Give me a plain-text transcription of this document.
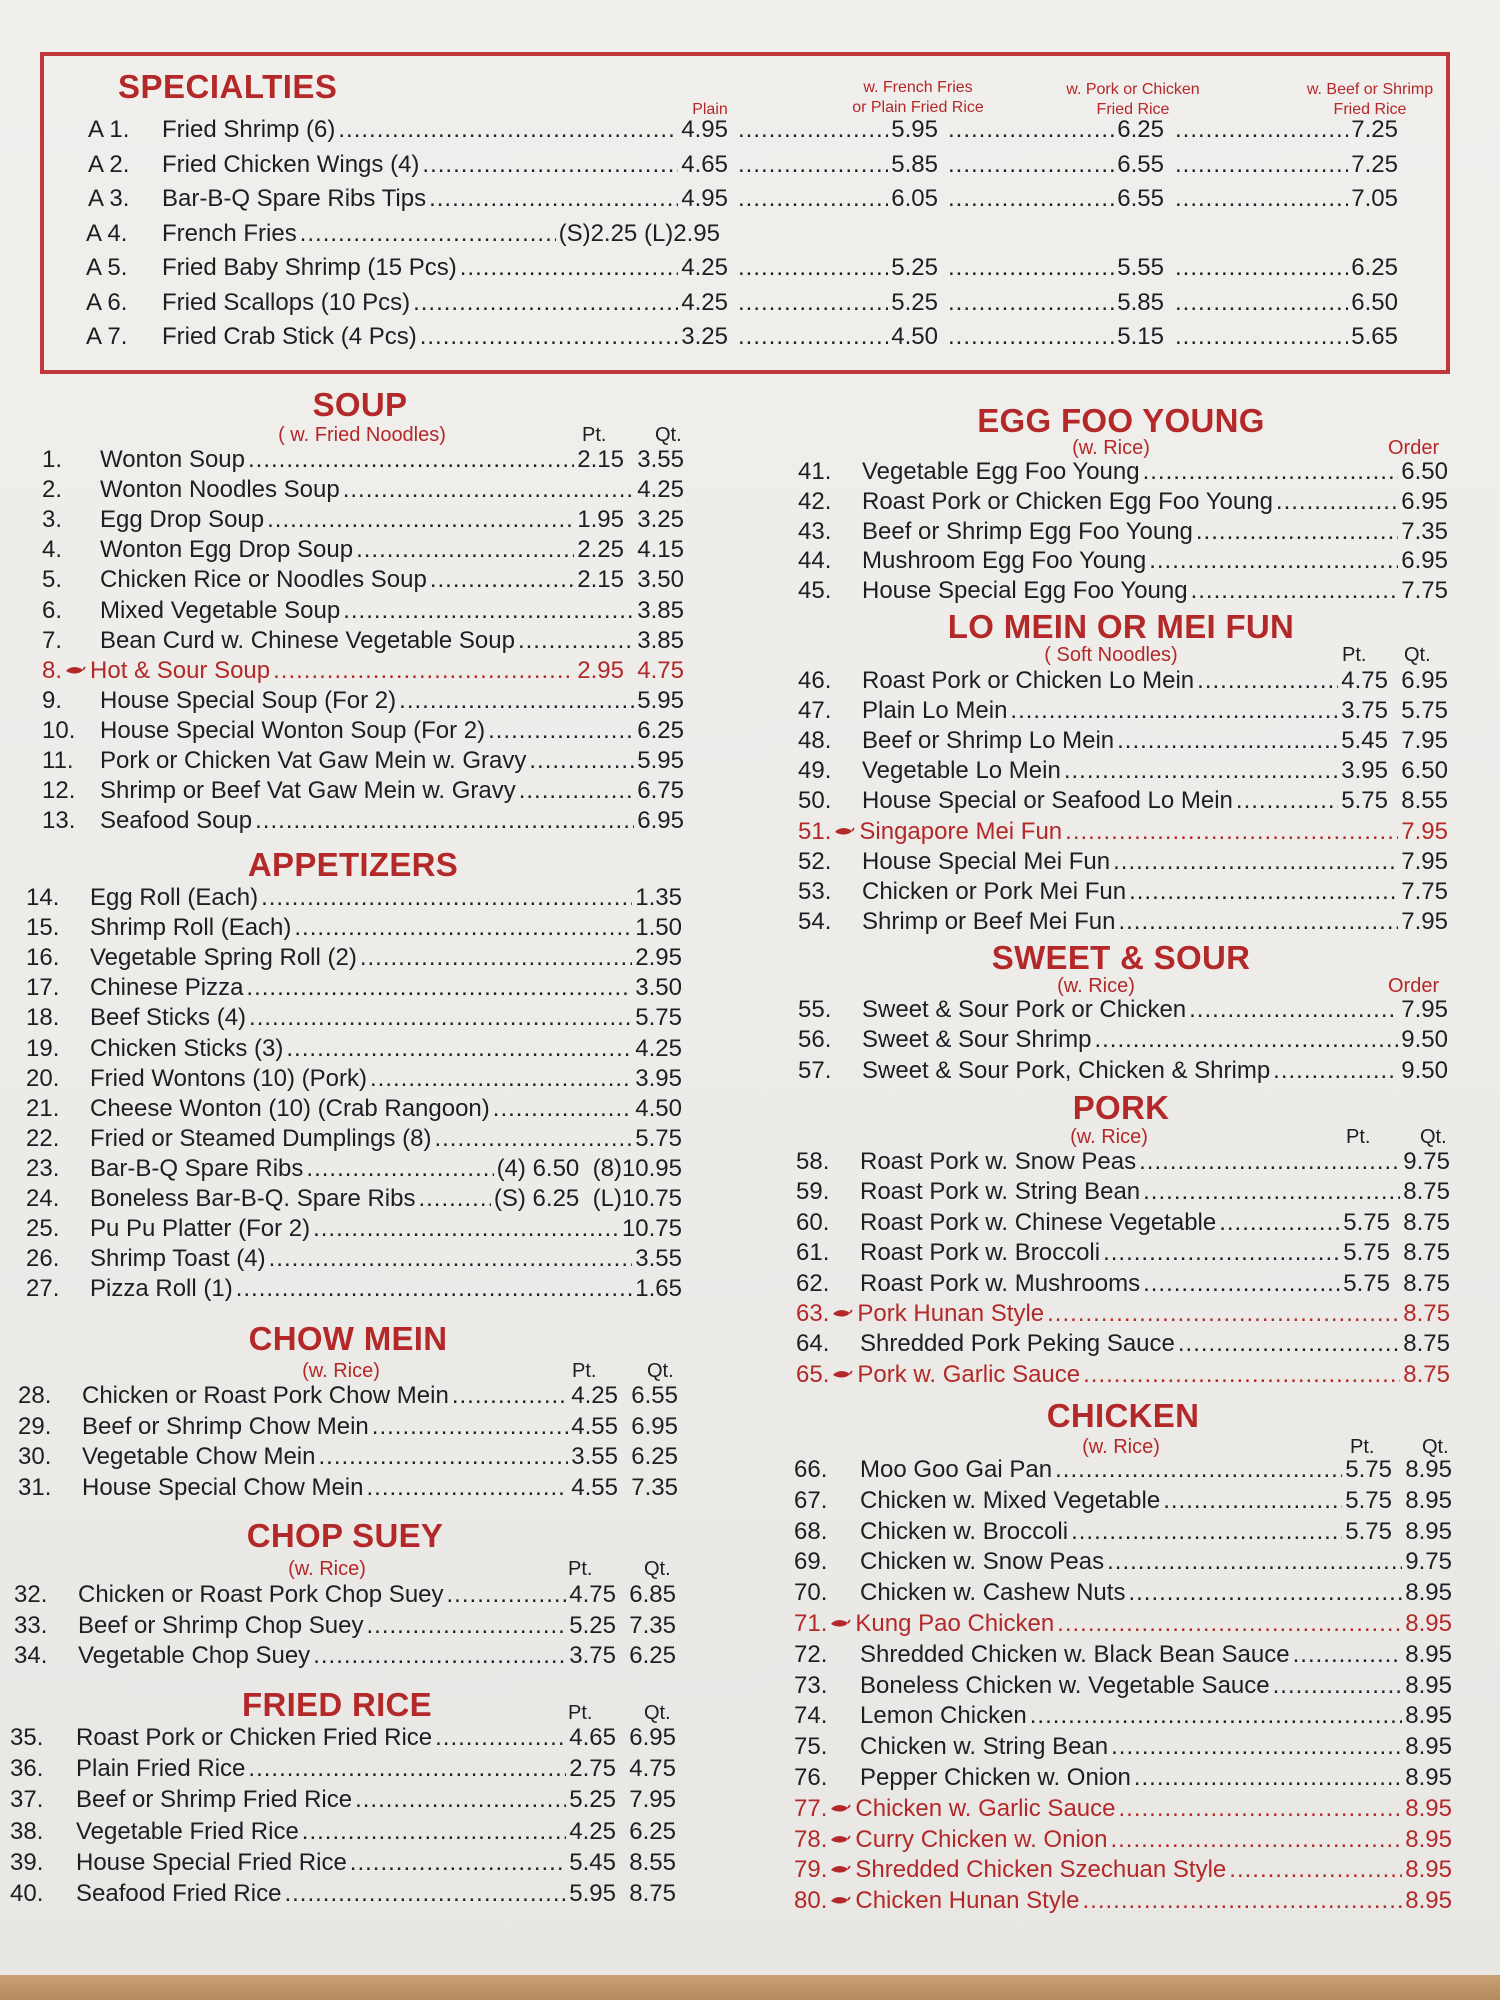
SPECIALTIES
Plain
w. French Fries
or Plain Fried Rice
w. Pork or Chicken
Fried Rice
w. Beef or Shrimp
Fried Rice
A 1. Fried Shrimp (6) .....	4.95 .....	5.95 .....	6.25 .....	7.25
A 2. Fried Chicken Wings (4) .....	4.65 .....	5.85 .....	6.55 .....	7.25
A 3. Bar-B-Q Spare Ribs Tips .....	4.95 .....	6.05 .....	6.55 .....	7.05
A 4. French Fries .....	(S)2.25 (L)2.95
A 5. Fried Baby Shrimp (15 Pcs) .....	4.25 .....	5.25 .....	5.55 .....	6.25
A 6. Fried Scallops (10 Pcs) .....	4.25 .....	5.25 .....	5.85 .....	6.50
A 7. Fried Crab Stick (4 Pcs) .....	3.25 .....	4.50 .....	5.15 .....	5.65
SOUP
( w. Fried Noodles)	Pt. Qt.
1.	Wonton Soup .....	2.15  3.55
2.	Wonton Noodles Soup .....	4.25
3.	Egg Drop Soup .....	1.95  3.25
4.	Wonton Egg Drop Soup .....	2.25  4.15
5.	Chicken Rice or Noodles Soup .....	2.15  3.50
6.	Mixed Vegetable Soup .....	3.85
7.	Bean Curd w. Chinese Vegetable Soup .....	3.85
8. Hot & Sour Soup .....	2.95  4.75
9.	House Special Soup (For 2) .....	5.95
10.	House Special Wonton Soup (For 2) .....	6.25
11.	Pork or Chicken Vat Gaw Mein w. Gravy .....	5.95
12.	Shrimp or Beef Vat Gaw Mein w. Gravy .....	6.75
13.	Seafood Soup .....	6.95
APPETIZERS
14.	Egg Roll (Each) .....	1.35
15.	Shrimp Roll (Each) .....	1.50
16.	Vegetable Spring Roll (2) .....	2.95
17.	Chinese Pizza .....	3.50
18.	Beef Sticks (4) .....	5.75
19.	Chicken Sticks (3) .....	4.25
20.	Fried Wontons (10) (Pork) .....	3.95
21.	Cheese Wonton (10) (Crab Rangoon) .....	4.50
22.	Fried or Steamed Dumplings (8) .....	5.75
23.	Bar-B-Q Spare Ribs .....	(4) 6.50  (8)10.95
24.	Boneless Bar-B-Q. Spare Ribs .....	(S) 6.25  (L)10.75
25.	Pu Pu Platter (For 2) .....	10.75
26.	Shrimp Toast (4) .....	3.55
27.	Pizza Roll (1) .....	1.65
CHOW MEIN
(w. Rice)	Pt.	Qt.
28.	Chicken or Roast Pork Chow Mein .....	4.25  6.55
29.	Beef or Shrimp Chow Mein .....	4.55  6.95
30.	Vegetable Chow Mein .....	3.55  6.25
31.	House Special Chow Mein .....	4.55  7.35
CHOP SUEY
(w. Rice)	Pt.	Qt.
32.	Chicken or Roast Pork Chop Suey .....	4.75  6.85
33.	Beef or Shrimp Chop Suey .....	5.25  7.35
34.	Vegetable Chop Suey .....	3.75  6.25
FRIED RICE	Pt.	Qt.
35.	Roast Pork or Chicken Fried Rice .....	4.65  6.95
36.	Plain Fried Rice .....	2.75  4.75
37.	Beef or Shrimp Fried Rice .....	5.25  7.95
38.	Vegetable Fried Rice .....	4.25  6.25
39.	House Special Fried Rice .....	5.45  8.55
40.	Seafood Fried Rice .....	5.95  8.75
EGG FOO YOUNG
(w. Rice)	Order
41.	Vegetable Egg Foo Young .....	6.50
42.	Roast Pork or Chicken Egg Foo Young .....	6.95
43.	Beef or Shrimp Egg Foo Young .....	7.35
44.	Mushroom Egg Foo Young .....	6.95
45.	House Special Egg Foo Young .....	7.75
LO MEIN OR MEI FUN
( Soft Noodles)	Pt. Qt.
46.	Roast Pork or Chicken Lo Mein .....	4.75  6.95
47.	Plain Lo Mein .....	3.75  5.75
48.	Beef or Shrimp Lo Mein .....	5.45  7.95
49.	Vegetable Lo Mein .....	3.95  6.50
50.	House Special or Seafood Lo Mein .....	5.75  8.55
51. Singapore Mei Fun .....	7.95
52.	House Special Mei Fun .....	7.95
53.	Chicken or Pork Mei Fun .....	7.75
54.	Shrimp or Beef Mei Fun .....	7.95
SWEET & SOUR
(w. Rice)	Order
55.	Sweet & Sour Pork or Chicken .....	7.95
56.	Sweet & Sour Shrimp .....	9.50
57.	Sweet & Sour Pork, Chicken & Shrimp .....	9.50
PORK
(w. Rice)	Pt. Qt.
58.	Roast Pork w. Snow Peas .....	9.75
59.	Roast Pork w. String Bean .....	8.75
60.	Roast Pork w. Chinese Vegetable .....	5.75  8.75
61.	Roast Pork w. Broccoli .....	5.75  8.75
62.	Roast Pork w. Mushrooms .....	5.75  8.75
63. Pork Hunan Style .....	8.75
64.	Shredded Pork Peking Sauce .....	8.75
65. Pork w. Garlic Sauce .....	8.75
CHICKEN
(w. Rice)	Pt. Qt.
66.	Moo Goo Gai Pan .....	5.75  8.95
67.	Chicken w. Mixed Vegetable .....	5.75  8.95
68.	Chicken w. Broccoli .....	5.75  8.95
69.	Chicken w. Snow Peas .....	9.75
70.	Chicken w. Cashew Nuts .....	8.95
71. Kung Pao Chicken .....	8.95
72.	Shredded Chicken w. Black Bean Sauce .....	8.95
73.	Boneless Chicken w. Vegetable Sauce .....	8.95
74.	Lemon Chicken .....	8.95
75.	Chicken w. String Bean .....	8.95
76.	Pepper Chicken w. Onion .....	8.95
77. Chicken w. Garlic Sauce .....	8.95
78. Curry Chicken w. Onion .....	8.95
79. Shredded Chicken Szechuan Style .....	8.95
80. Chicken Hunan Style .....	8.95
